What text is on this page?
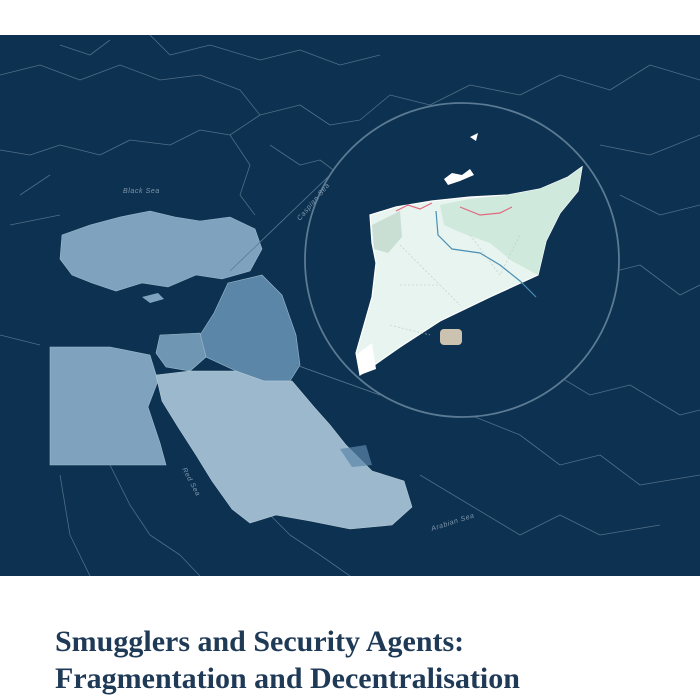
Black Sea	Caspian Sea
Red Sea
Arabian Sea
Smugglers and Security Agents:
Fragmentation and Decentralisation
